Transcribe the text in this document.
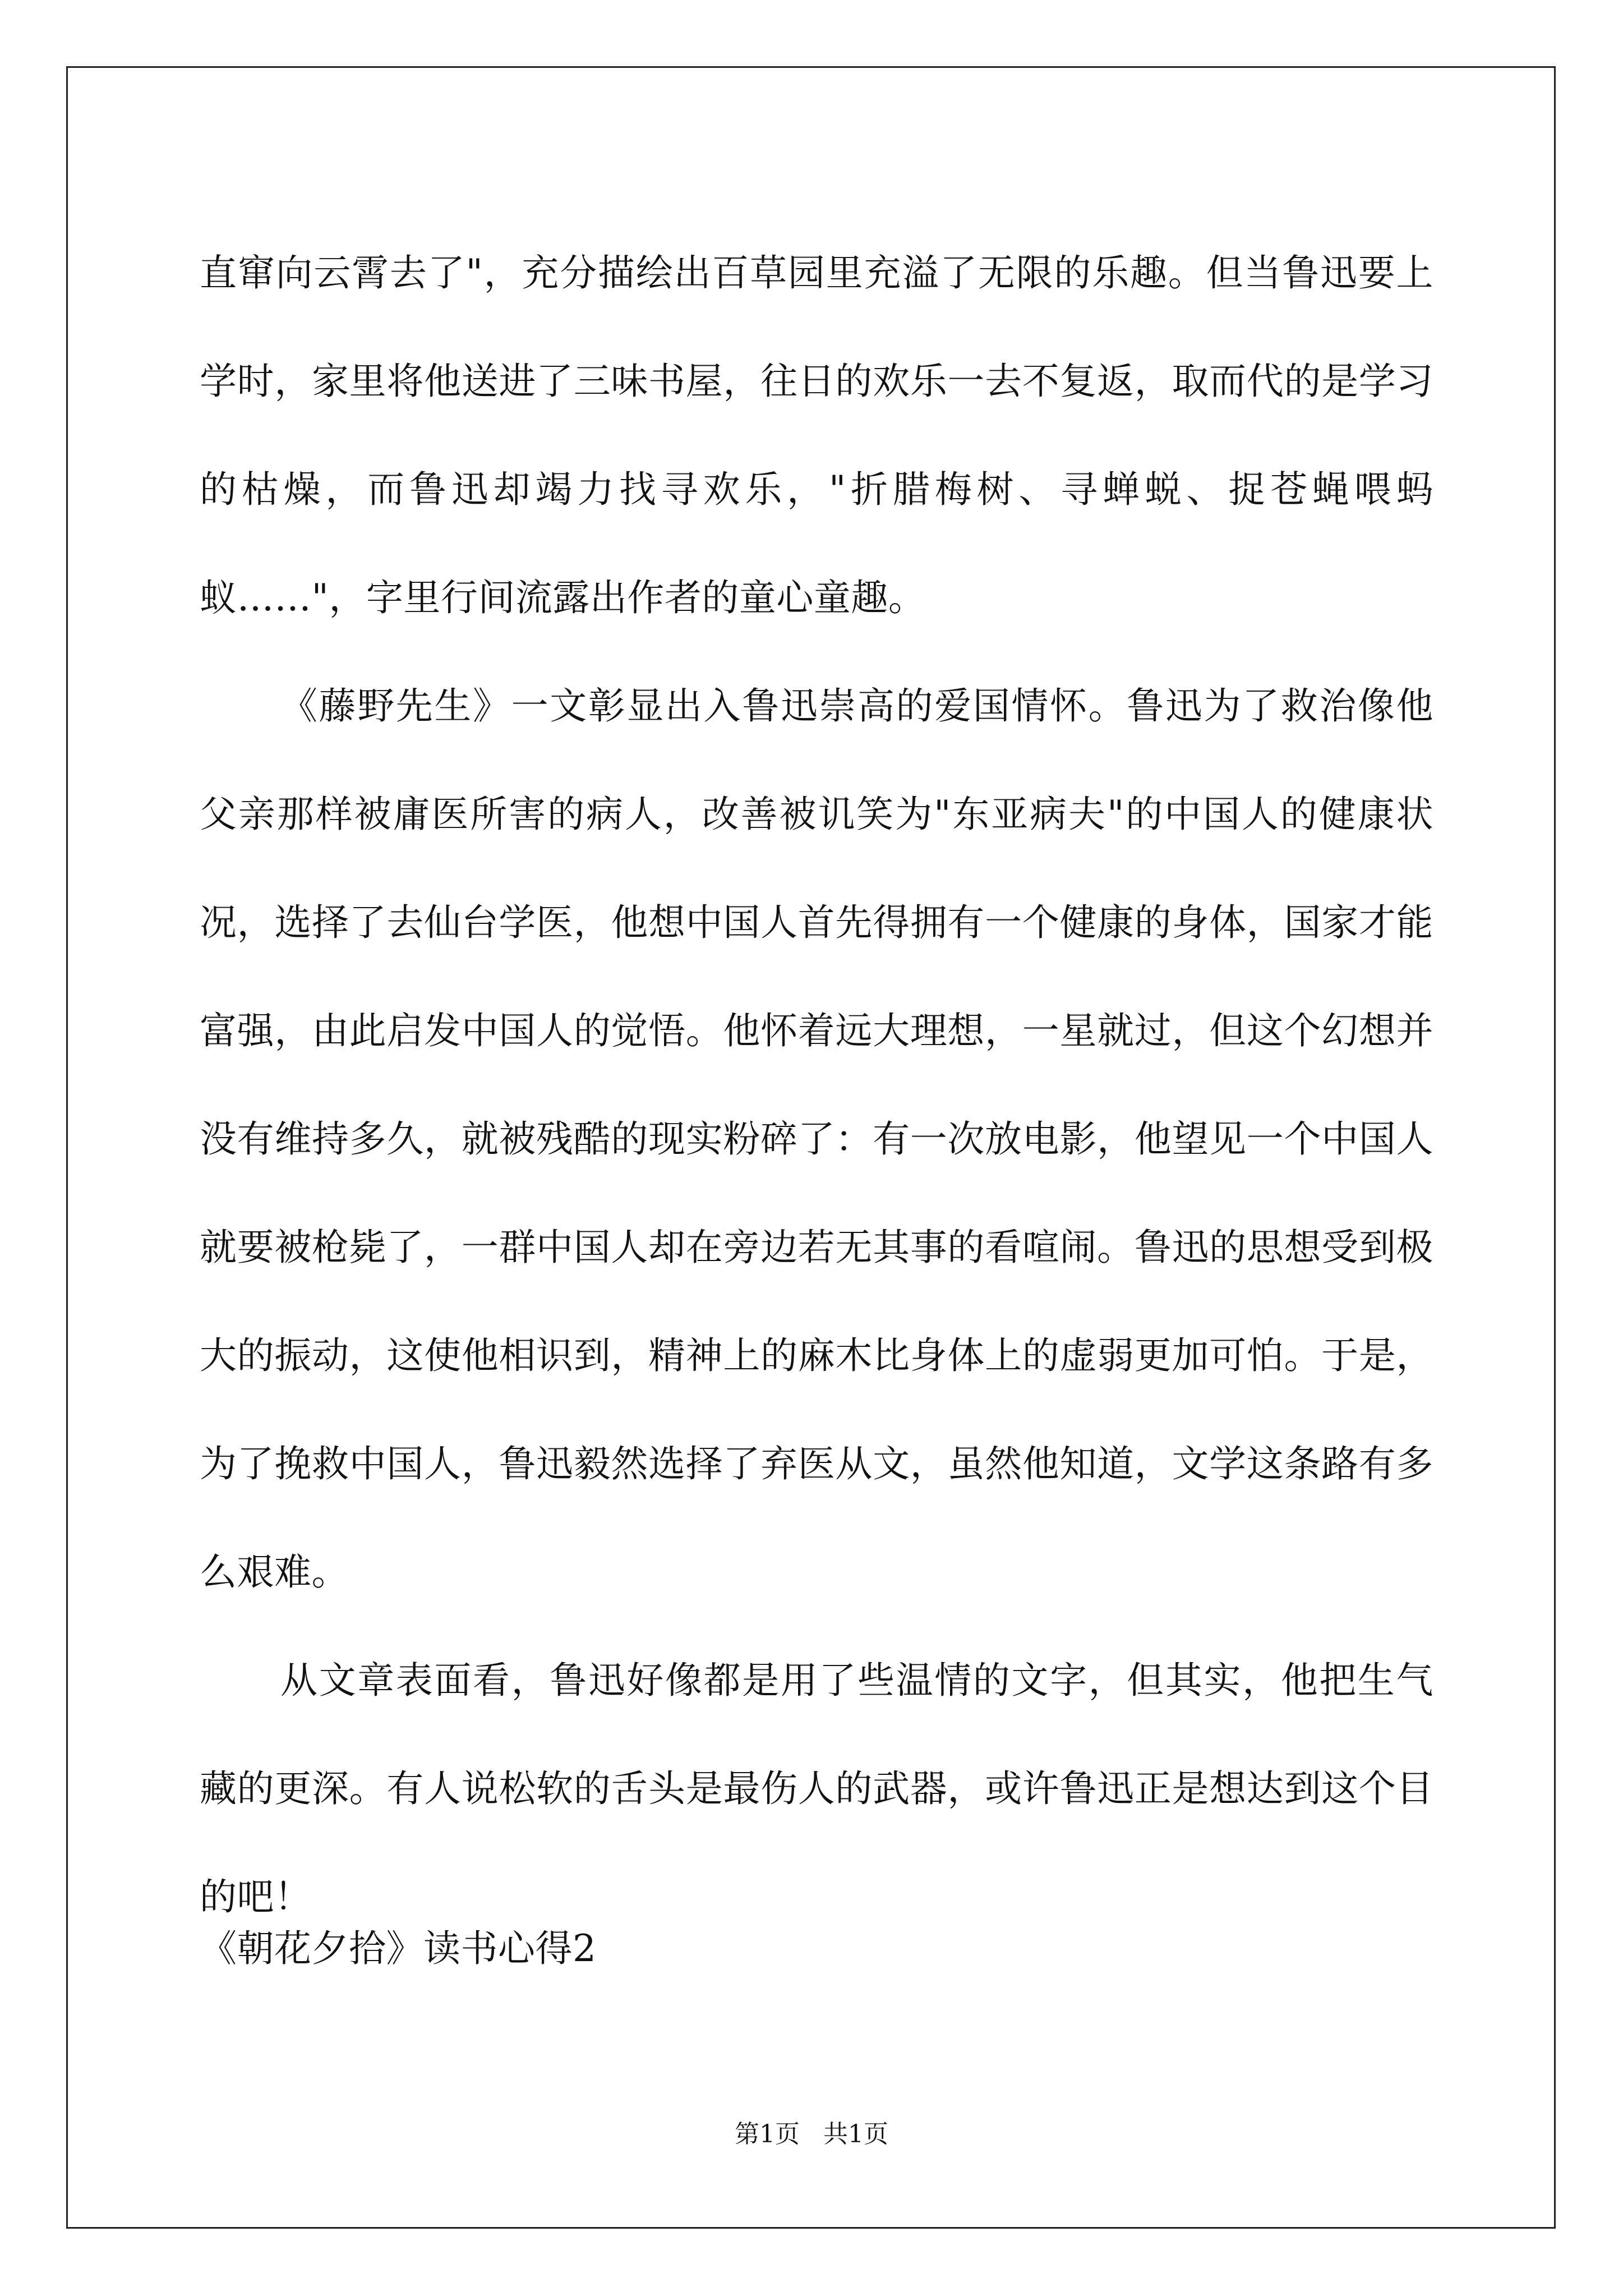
直窜向云霄去了"，充分描绘出百草园里充溢了无限的乐趣。但当鲁迅要上学时，家里将他送进了三味书屋，往日的欢乐一去不复返，取而代的是学习的枯燥，而鲁迅却竭力找寻欢乐，"折腊梅树、寻蝉蜕、捉苍蝇喂蚂蚁……"，字里行间流露出作者的童心童趣。

《藤野先生》一文彰显出入鲁迅崇高的爱国情怀。鲁迅为了救治像他父亲那样被庸医所害的病人，改善被讥笑为"东亚病夫"的中国人的健康状况，选择了去仙台学医，他想中国人首先得拥有一个健康的身体，国家才能富强，由此启发中国人的觉悟。他怀着远大理想，一星就过，但这个幻想并没有维持多久，就被残酷的现实粉碎了：有一次放电影，他望见一个中国人就要被枪毙了，一群中国人却在旁边若无其事的看喧闹。鲁迅的思想受到极大的振动，这使他相识到，精神上的麻木比身体上的虚弱更加可怕。于是，为了挽救中国人，鲁迅毅然选择了弃医从文，虽然他知道，文学这条路有多么艰难。

从文章表面看，鲁迅好像都是用了些温情的文字，但其实，他把生气藏的更深。有人说松软的舌头是最伤人的武器，或许鲁迅正是想达到这个目的吧！

《朝花夕拾》读书心得2

第1页   共1页
